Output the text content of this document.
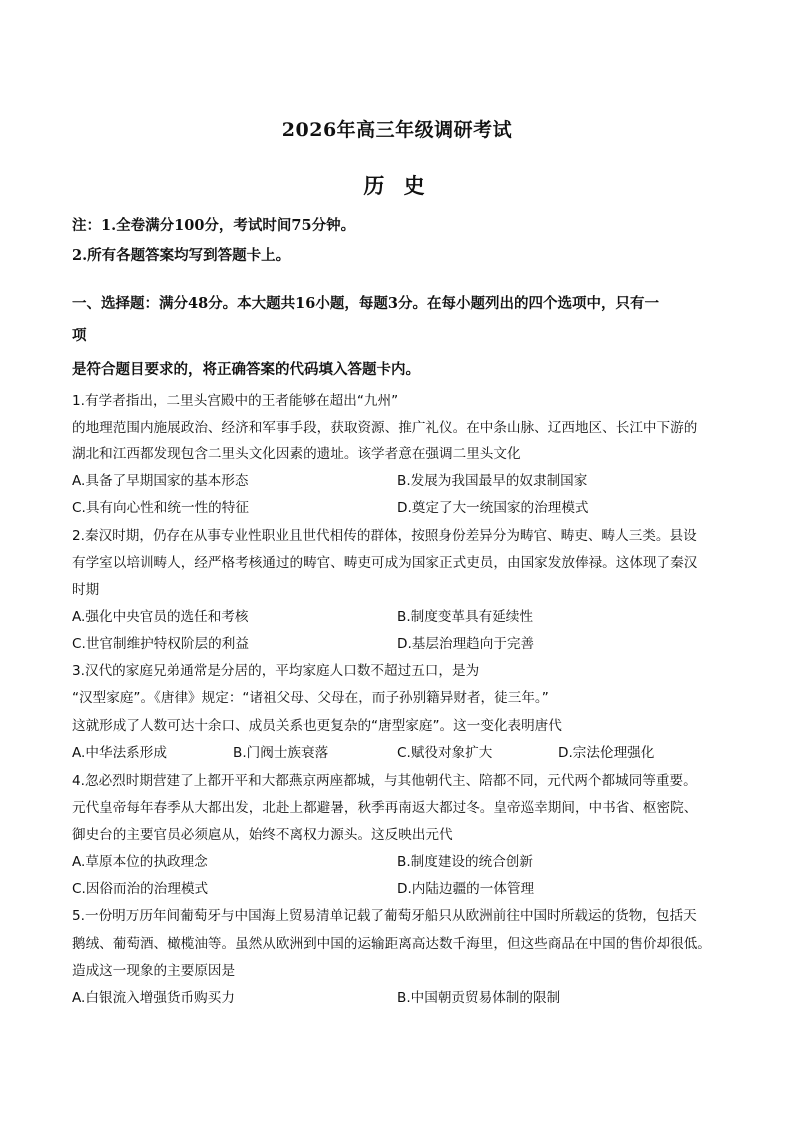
2026年高三年级调研考试
历 史
注：1.全卷满分100分，考试时间75分钟。
2.所有各题答案均写到答题卡上。
一、选择题：满分48分。本大题共16小题，每题3分。在每小题列出的四个选项中，只有一
项
是符合题目要求的，将正确答案的代码填入答题卡内。
1.有学者指出，二里头宫殿中的王者能够在超出“九州”
的地理范围内施展政治、经济和军事手段，获取资源、推广礼仪。在中条山脉、辽西地区、长江中下游的
湖北和江西都发现包含二里头文化因素的遗址。该学者意在强调二里头文化
A.具备了早期国家的基本形态	B.发展为我国最早的奴隶制国家
C.具有向心性和统一性的特征	D.奠定了大一统国家的治理模式
2.秦汉时期，仍存在从事专业性职业且世代相传的群体，按照身份差异分为畴官、畴吏、畴人三类。县设
有学室以培训畴人，经严格考核通过的畴官、畴吏可成为国家正式吏员，由国家发放俸禄。这体现了秦汉
时期
A.强化中央官员的选任和考核	B.制度变革具有延续性
C.世官制维护特权阶层的利益	D.基层治理趋向于完善
3.汉代的家庭兄弟通常是分居的，平均家庭人口数不超过五口，是为
“汉型家庭”。《唐律》规定：“诸祖父母、父母在，而子孙别籍异财者，徒三年。”
这就形成了人数可达十余口、成员关系也更复杂的“唐型家庭”。这一变化表明唐代
A.中华法系形成	B.门阀士族衰落	C.赋役对象扩大	D.宗法伦理强化
4.忽必烈时期营建了上都开平和大都燕京两座都城，与其他朝代主、陪都不同，元代两个都城同等重要。
元代皇帝每年春季从大都出发，北赴上都避暑，秋季再南返大都过冬。皇帝巡幸期间，中书省、枢密院、
御史台的主要官员必须扈从，始终不离权力源头。这反映出元代
A.草原本位的执政理念	B.制度建设的统合创新
C.因俗而治的治理模式	D.内陆边疆的一体管理
5.一份明万历年间葡萄牙与中国海上贸易清单记载了葡萄牙船只从欧洲前往中国时所载运的货物，包括天
鹅绒、葡萄酒、橄榄油等。虽然从欧洲到中国的运输距离高达数千海里，但这些商品在中国的售价却很低。
造成这一现象的主要原因是
A.白银流入增强货币购买力	B.中国朝贡贸易体制的限制
